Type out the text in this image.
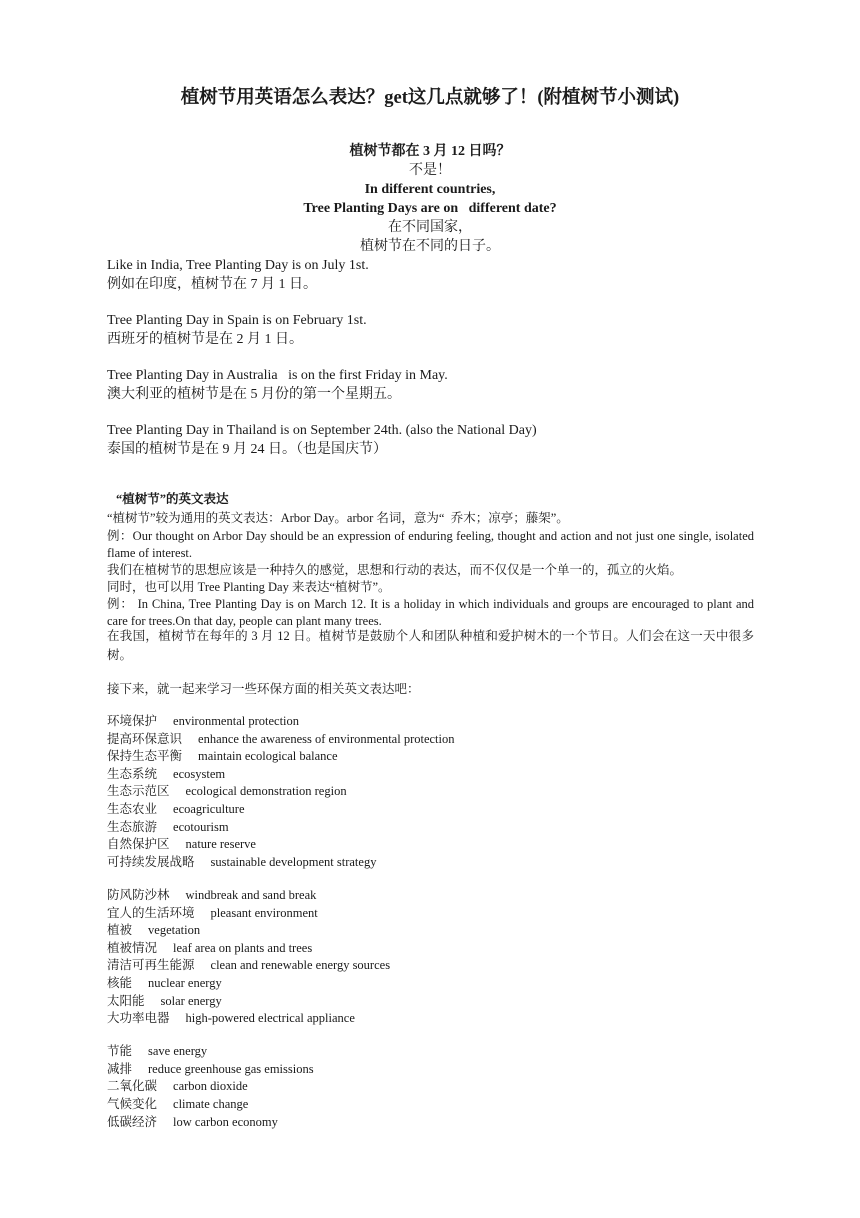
植树节用英语怎么表达？get这几点就够了！(附植树节小测试)
植树节都在 3 月 12 日吗？
不是！
In different countries,
Tree Planting Days are on   different date?
在不同国家，
植树节在不同的日子。
Like in India, Tree Planting Day is on July 1st.
例如在印度，植树节在 7 月 1 日。
Tree Planting Day in Spain is on February 1st.
西班牙的植树节是在 2 月 1 日。
Tree Planting Day in Australia   is on the first Friday in May.
澳大利亚的植树节是在 5 月份的第一个星期五。
Tree Planting Day in Thailand is on September 24th. (also the National Day)
泰国的植树节是在 9 月 24 日。（也是国庆节）
“植树节”的英文表达
“植树节”较为通用的英文表达：Arbor Day。arbor 名词，意为“  乔木；凉亭；藤架”。
例：Our thought on Arbor Day should be an expression of enduring feeling, thought and action and not just one single, isolated flame of interest.
我们在植树节的思想应该是一种持久的感觉，思想和行动的表达，而不仅仅是一个单一的，孤立的火焰。
同时，也可以用 Tree Planting Day 来表达“植树节”。
例： In China, Tree Planting Day is on March 12. It is a holiday in which individuals and groups are encouraged to plant and care for trees.On that day, people can plant many trees.
在我国，植树节在每年的 3 月 12 日。植树节是鼓励个人和团队种植和爱护树木的一个节日。人们会在这一天中很多树。
接下来，就一起来学习一些环保方面的相关英文表达吧：
环境保护 environmental protection
提高环保意识 enhance the awareness of environmental protection
保持生态平衡 maintain ecological balance
生态系统 ecosystem
生态示范区 ecological demonstration region
生态农业 ecoagriculture
生态旅游 ecotourism
自然保护区 nature reserve
可持续发展战略 sustainable development strategy
防风防沙林 windbreak and sand break
宜人的生活环境 pleasant environment
植被 vegetation
植被情况 leaf area on plants and trees
清洁可再生能源 clean and renewable energy sources
核能 nuclear energy
太阳能 solar energy
大功率电器 high-powered electrical appliance
节能 save energy
减排 reduce greenhouse gas emissions
二氧化碳 carbon dioxide
气候变化 climate change
低碳经济 low carbon economy
